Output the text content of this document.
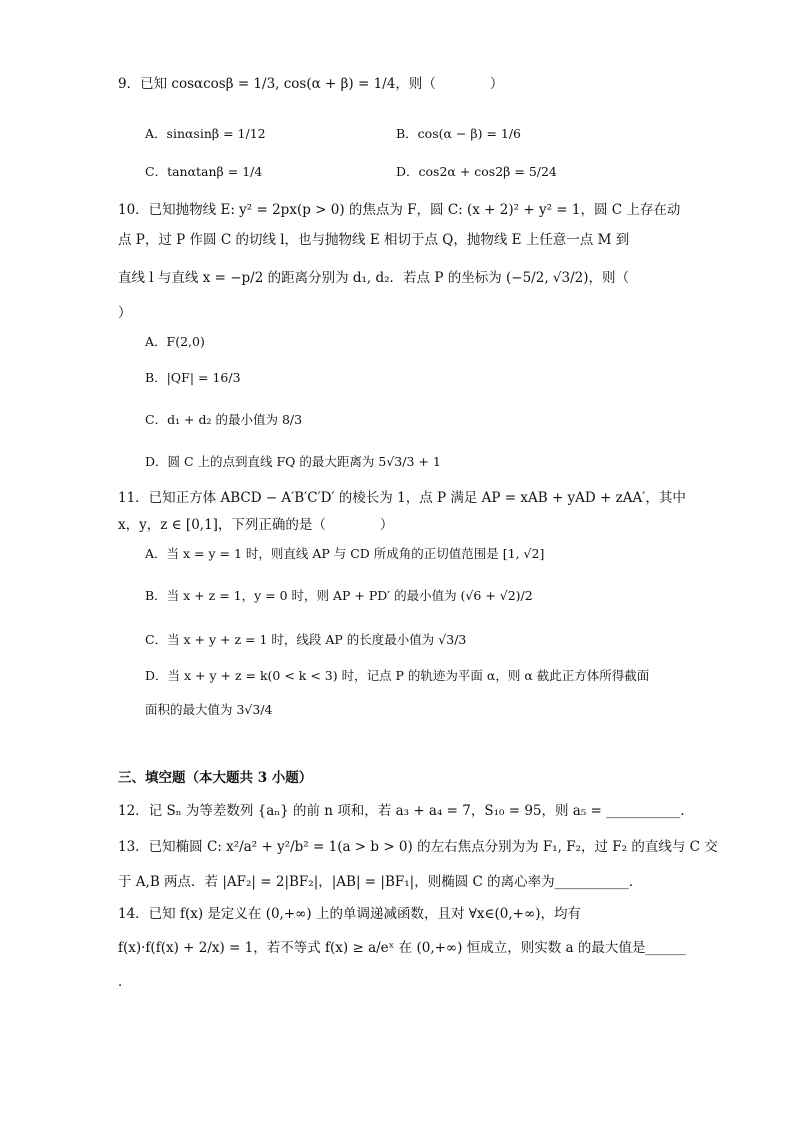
9．已知 cosαcosβ = 1/3, cos(α + β) = 1/4，则（　　　　）
A．sinαsinβ = 1/12	B．cos(α − β) = 1/6
C．tanαtanβ = 1/4	D．cos2α + cos2β = 5/24
10．已知抛物线 E: y² = 2px(p > 0) 的焦点为 F，圆 C: (x + 2)² + y² = 1，圆 C 上存在动
点 P，过 P 作圆 C 的切线 l，也与抛物线 E 相切于点 Q，抛物线 E 上任意一点 M 到
直线 l 与直线 x = −p/2 的距离分别为 d₁, d₂．若点 P 的坐标为 (−5/2, √3/2)，则（
）
A．F(2,0)
B．|QF| = 16/3
C．d₁ + d₂ 的最小值为 8/3
D．圆 C 上的点到直线 FQ 的最大距离为 5√3/3 + 1
11．已知正方体 ABCD − A′B′C′D′ 的棱长为 1，点 P 满足 AP = xAB + yAD + zAA′，其中
x，y，z ∈ [0,1]，下列正确的是（　　　　）
A．当 x = y = 1 时，则直线 AP 与 CD 所成角的正切值范围是 [1, √2]
B．当 x + z = 1，y = 0 时，则 AP + PD′ 的最小值为 (√6 + √2)/2
C．当 x + y + z = 1 时，线段 AP 的长度最小值为 √3/3
D．当 x + y + z = k(0 < k < 3) 时，记点 P 的轨迹为平面 α，则 α 截此正方体所得截面
面积的最大值为 3√3/4
三、填空题（本大题共 3 小题）
12．记 Sₙ 为等差数列 {aₙ} 的前 n 项和，若 a₃ + a₄ = 7，S₁₀ = 95，则 a₅ = ___________．
13．已知椭圆 C: x²/a² + y²/b² = 1(a > b > 0) 的左右焦点分别为为 F₁, F₂，过 F₂ 的直线与 C 交
于 A,B 两点．若 |AF₂| = 2|BF₂|，|AB| = |BF₁|，则椭圆 C 的离心率为___________．
14．已知 f(x) 是定义在 (0,+∞) 上的单调递减函数，且对 ∀x∈(0,+∞)，均有
f(x)·f(f(x) + 2/x) = 1，若不等式 f(x) ≥ a/eˣ 在 (0,+∞) 恒成立，则实数 a 的最大值是______
．
